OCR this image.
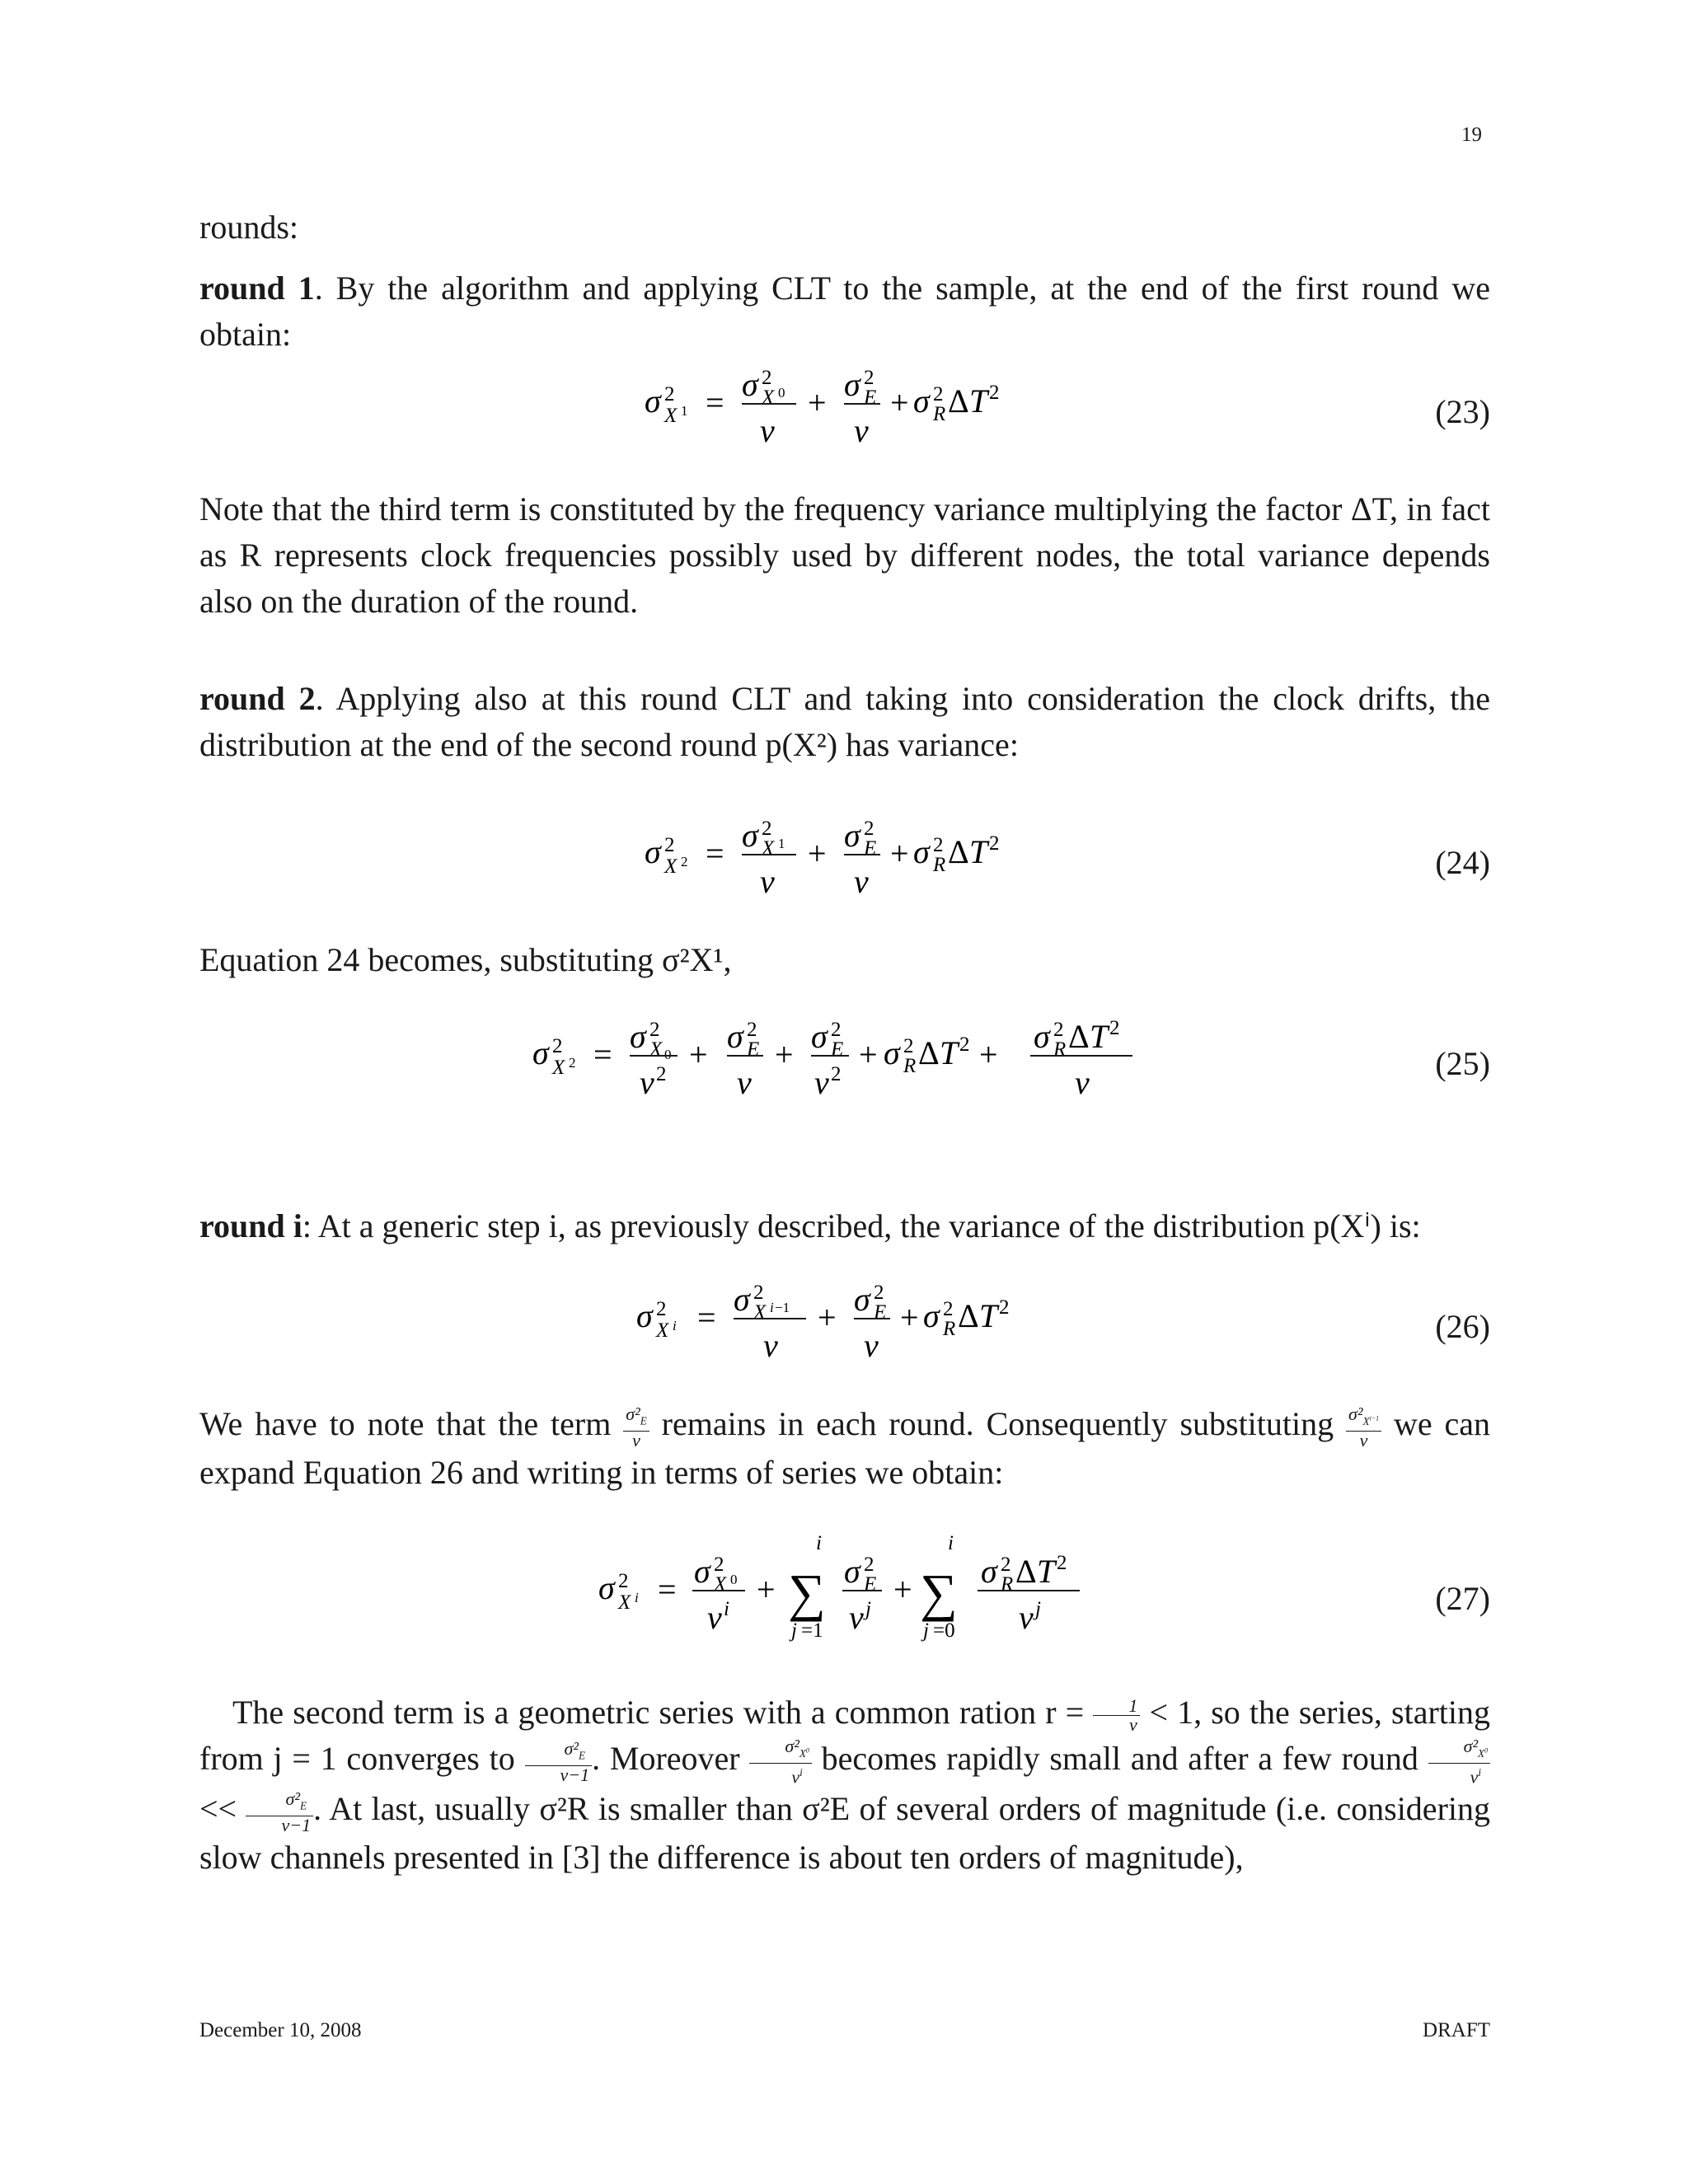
19
rounds:
round 1. By the algorithm and applying CLT to the sample, at the end of the first round we obtain:
σ 2
X 1 = σ 2
X 0
v
+ σ 2
E
v
+ σ 2
R Δ T 2
(23)
Note that the third term is constituted by the frequency variance multiplying the factor ΔT, in fact as R represents clock frequencies possibly used by different nodes, the total variance depends also on the duration of the round.
round 2. Applying also at this round CLT and taking into consideration the clock drifts, the distribution at the end of the second round p(X²) has variance:
σ 2
X 2 = σ 2
X 1
v
+ σ 2
E
v
+ σ 2
R Δ T 2
(24)
Equation 24 becomes, substituting σ²X¹,
σ 2
X 2 = σ 2
X 0
v 2
+ σ 2
E
v
+ σ 2
E
v 2
+ σ 2
R Δ T 2 + σ 2
R Δ T 2
v
(25)
round i: At a generic step i, as previously described, the variance of the distribution p(Xⁱ) is:
σ 2
X i = σ 2
X i −1
v
+ σ 2
E
v
+ σ 2
R Δ T 2
(26)
We have to note that the term $\frac{\sigma^2_E}{v}$ remains in each round. Consequently substituting $\frac{\sigma^2_{X^{i-1}}}{v}$ we can expand Equation 26 and writing in terms of series we obtain:
σ 2
X i = σ 2
X 0
v i
+
i
∑
j =1
σ 2
E
v j
+
i
∑
j =0
σ 2
R Δ T 2
v j	(27)
The second term is a geometric series with a common ration $r = \frac{1}{v} < 1$, so the series, starting from j = 1 converges to $\frac{\sigma^2_E}{v-1}$ . Moreover $\frac{\sigma^2_{X^0}}{v^i}$ becomes rapidly small and after a few round $\frac{\sigma^2_{X^0}}{v^i}$
<< $\frac{\sigma^2_E}{v-1}$ . At last, usually σ²R is smaller than σ²E of several orders of magnitude (i.e. considering slow channels presented in [3] the difference is about ten orders of magnitude),
December 10, 2008	DRAFT
